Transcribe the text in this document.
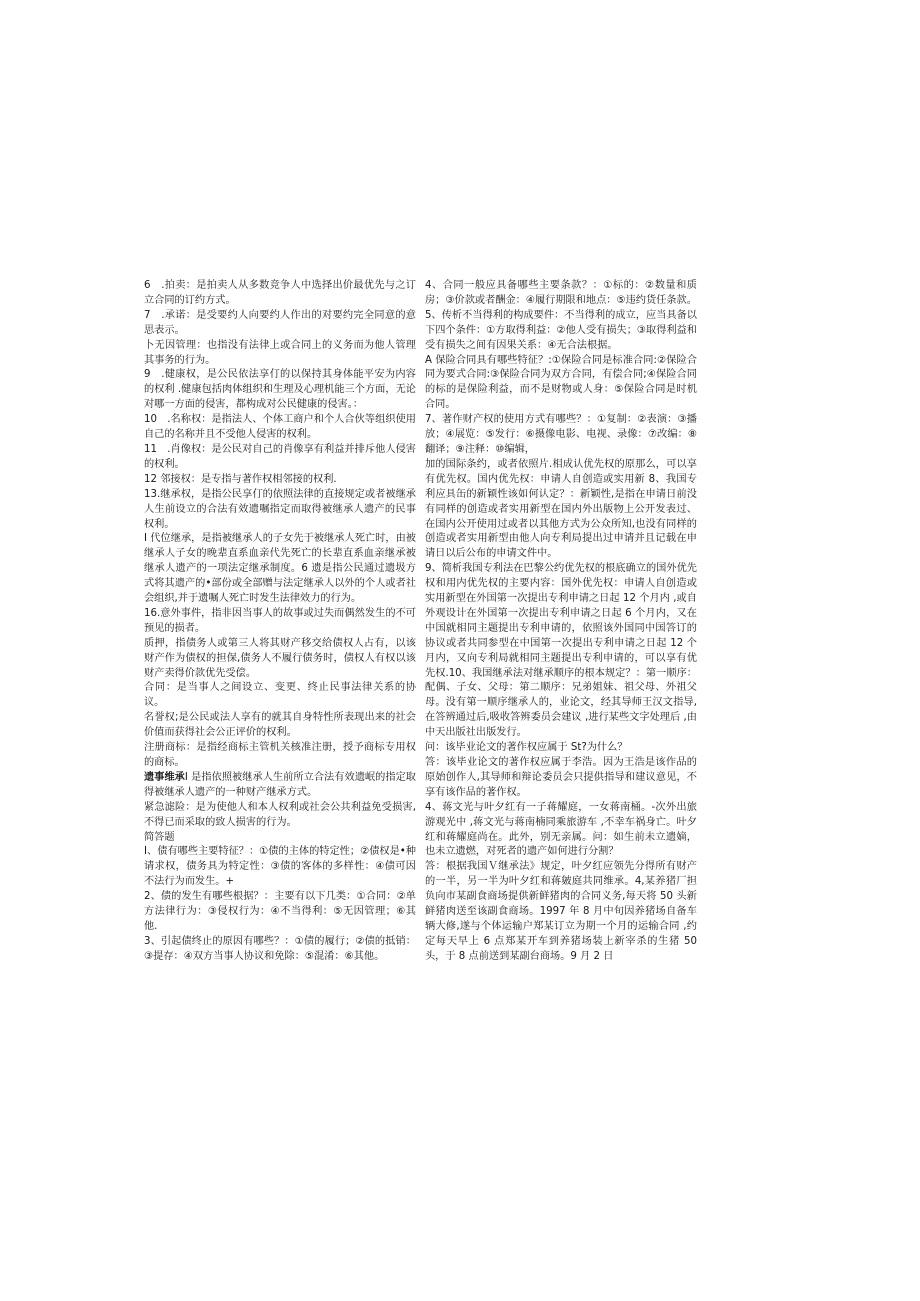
6　.拍卖：是拍卖人从多数竞争人中选择出价最优先与之订立合同的订约方式。

7　.承诺：是受要约人向要约人作出的对要约完全同意的意思表示。

卜无因管理：也指没有法律上或合同上的义务而为他人管理其事务的行为。

9　.健康权，是公民依法享仃的以保持其身体能平安为内容的权利 .健康包括肉体组织和生理及心理机能三个方面，无论对哪一方面的侵害，都构成对公民健康的侵害。：

10　.名称权：是指法人、个体工商户和个人合伙等组织使用自己的名称并且不受他人侵害的权利。

11　.肖像权：是公民对自己的肖像享有利益并排斥他人侵害的权利。

12 邻接权：是专指与著作权相邻接的权利.

13.继承权，是指公民享仃的依照法律的直接规定或者被继承人生前设立的合法有效遗嘱指定而取得被继承人遗产的民事权利。

I 代位继承，是指被继承人的子女先于被继承人死亡时，由被继承人子女的晚辈直系血亲代先死亡的长辈直系血亲继承被继承人遗产的一项法定继承制度。6 遗是指公民通过遗圾方式将其遗产的•部份或全部赠与法定继承人以外的个人或者社会组织,并于遗嘱人死亡时发生法律效力的行为。

16.意外事件，指非因当事人的故事或过失而偶然发生的不可预见的损者。

质押，指债务人或第三人将其财产移交给债权人占有，以该财产作为债权的担保,债务人不履行债务时，债权人有权以该财产卖得价款优先受偿。

合同：是当事人之间设立、变更、终止民事法律关系的协议。

名誉权;是公民或法人享有的就其自身特性所表现出来的社会价值而获得社会公正评价的权利。

注册商标：是指经商标主管机关核准注册，授予商标专用权的商标。

遗事维承I 是指依照被继承人生前所立合法有效遗岷的指定取得被继承人遗产的一种财产继承方式。

紧急滤险：是为使他人和本人权利或社会公共利益免受损害,不得已而采取的致人损害的行为。

简答题

I、债有哪些主要特征？：①债的主体的特定性；②债权是•种请求权，债务具为特定性：③债的客体的多样性：④债可因不法行为而发生。+

2、债的发生有哪些根据？：主要有以下几类：①合同：②单方法律行为：③侵权行为：④不当得利：⑤无因管理；⑥其他.

3、引起债终止的原因有哪些？：①债的履行；②债的抵销：③提存：④双方当事人协议和免除：⑤混淆：⑥其他。

4、合同一般应具备哪些主要条款？：①标的：②数量和质房；③价款或者酬金：④履行期限和地点：⑤违约货任条款。

5、传析不当得利的构成要件：不当得利的成立，应当具备以下四个条件：①方取得利益：②他人受有损失；③取得利益和受有损失之间有因果关系：④无合法根据。

A 保险合同具有哪些特征？:①保险合同是标准合同:②保险合同为要式合同:③保险合同为双方合同，有偿合同;④保险合同的标的是保险利益，而不是财物或人身：⑤保险合同是时机合同。

7、著作财产权的使用方式有哪些？：①复制：②表演：③播放；④展览：⑤发行：⑥摄像电影、电视、录像：⑦改编：⑧翻译；⑨注释：⑩编辑，

加的国际条约，或者依照片.相成认优先权的原那么，可以享有优先权。国内优先权：申请人自创造或实用新 8、我国专利应具缶的新颖性该如何认定？：新颖性,是指在申请日前没有同样的创造或者实用新型在国内外出版物上公开发表过、在国内公开使用过或者以其他方式为公众所知,也没有同样的创造或者实用新型由他人向专利局提出过申请并且记载在申请日以后公布的申请文件中。

9、简析我国专利法在巴黎公约优先权的根底确立的国外优先权和用内优先权的主要内容：国外优先权：申请人自创造或实用新型在外国第一次提出专利申请之日起 12 个月内 ,或自外观设计在外国第一次提出专利申请之日起 6 个月内，又在中国就相同主题提出专利申请的，依照该外国同中国答订的协议或者共同参型在中国第一次提出专利申请之日起 12 个月内，又向专利局就相同主题提出专利申请的，可以享有优先权.10、我国继承法对继承顺序的根本规定？：第一顺序：配偶、子女、父母：第二顺序：兄弟姐妹、祖父母、外祖父母。没有第一顺序继承人的，业论文，经其导师王汉文指导,在答辨通过后,吸收答辨委员会建议 ,进行某些文字处理后 ,由中天出版社出版发行。

问：该毕业论文的著作权应属于 St?为什么？

答：该毕业论文的著作权应属于李浩。因为王浩是该作品的原始创作人,其导师和辩论委员会只提供指导和建议意见，不享有该作品的著作权。

4、蒋文光与叶夕红有一子蒋耀庭，一女蒋南桶。-次外出旅游观光中 ,蒋文光与蒋南楠同乘旅游车 ,不幸车祸身亡。叶夕红和蒋耀庭尚在。此外，别无亲属。问：如生前未立遗嫡，也未立遗燃，对死者的遗产如何进行分割？

答：根据我国Ｖ继承法》规定，叶夕红应领先分得所有财产的一半，另一半为叶夕红和蒋皴庭共同维承。4,某养猪厂担负向市某副食商场提供新鲜猪肉的合同义务,每天将 50 头新鲜猪肉送至该副食商场。1997 年 8 月中旬因养猪场自备车辆大修,遂与个体运输户郑某订立为期一个月的运输合同 ,约定每天早上 6 点郑某开车到养猪场装上新宰杀的生猪 50 头，于 8 点前送到某副台商场。9 月 2 日
